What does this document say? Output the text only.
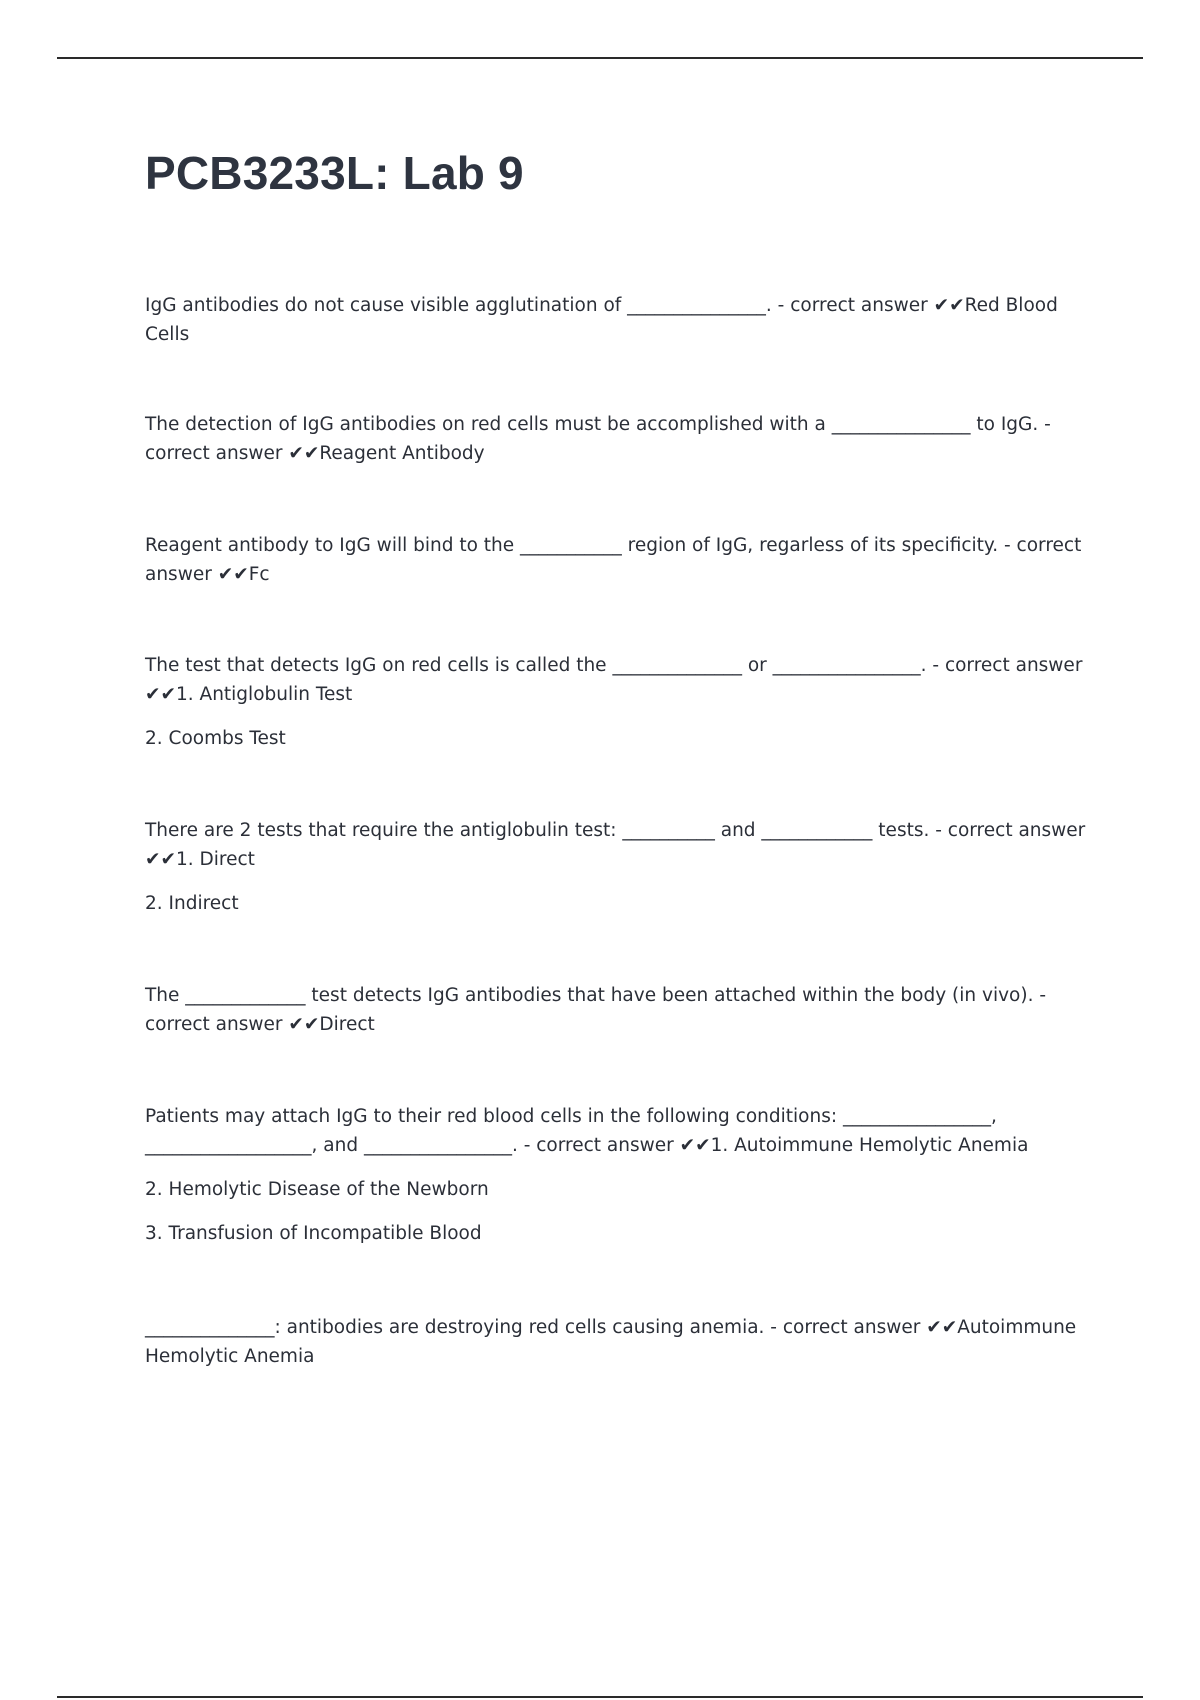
PCB3233L: Lab 9

IgG antibodies do not cause visible agglutination of _______________. - correct answer ✔✔Red Blood Cells

The detection of IgG antibodies on red cells must be accomplished with a _______________ to IgG. - correct answer ✔✔Reagent Antibody

Reagent antibody to IgG will bind to the ___________ region of IgG, regarless of its specificity. - correct answer ✔✔Fc

The test that detects IgG on red cells is called the ______________ or ________________. - correct answer ✔✔1. Antiglobulin Test

2. Coombs Test

There are 2 tests that require the antiglobulin test: __________ and ____________ tests. - correct answer ✔✔1. Direct

2. Indirect

The _____________ test detects IgG antibodies that have been attached within the body (in vivo). - correct answer ✔✔Direct

Patients may attach IgG to their red blood cells in the following conditions: ________________, __________________, and ________________. - correct answer ✔✔1. Autoimmune Hemolytic Anemia

2. Hemolytic Disease of the Newborn

3. Transfusion of Incompatible Blood

______________: antibodies are destroying red cells causing anemia. - correct answer ✔✔Autoimmune Hemolytic Anemia
